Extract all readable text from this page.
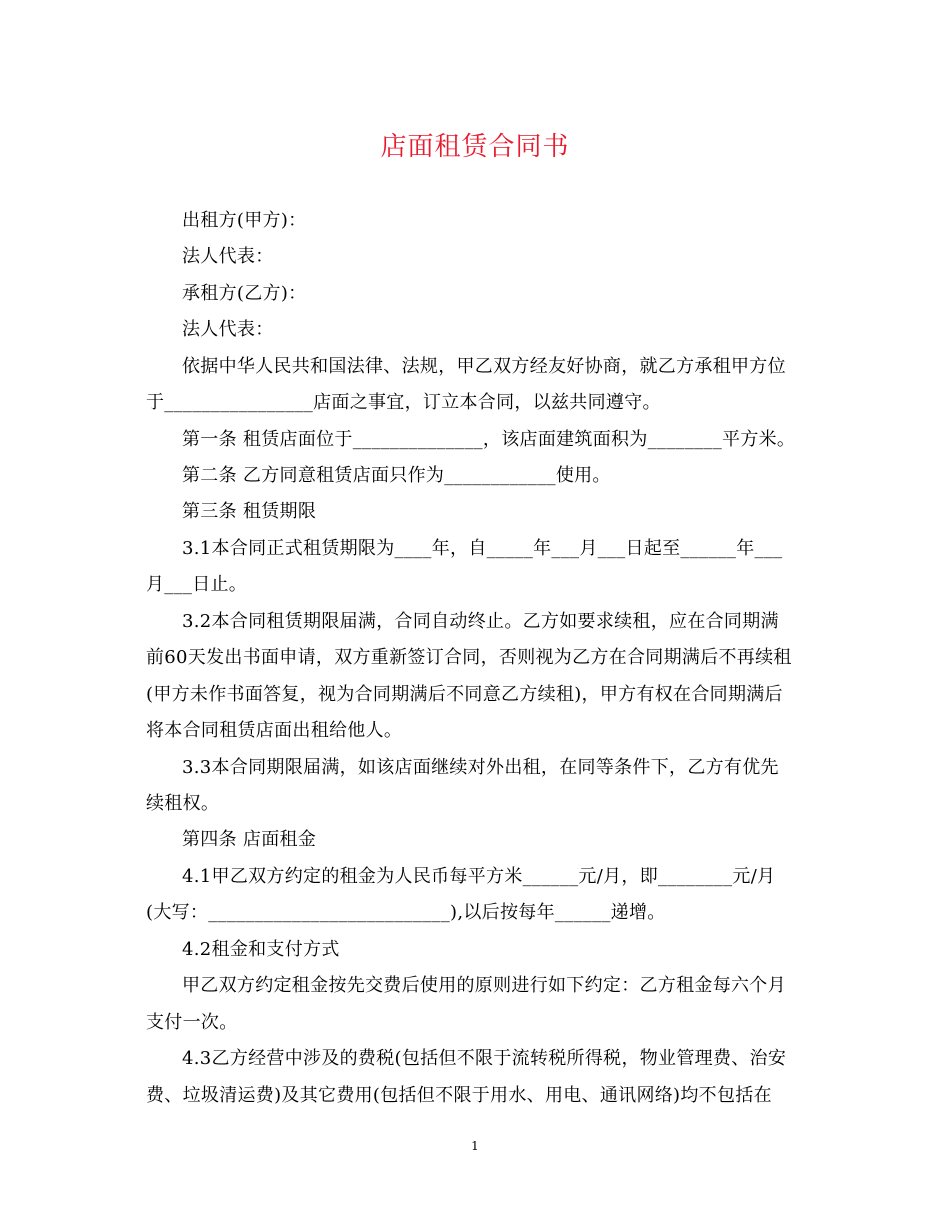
店面租赁合同书
出租方(甲方)：
法人代表：
承租方(乙方)：
法人代表：
依据中华人民共和国法律、法规，甲乙双方经友好协商，就乙方承租甲方位
于________________店面之事宜，订立本合同，以兹共同遵守。
第一条 租赁店面位于______________，该店面建筑面积为________平方米。
第二条 乙方同意租赁店面只作为____________使用。
第三条 租赁期限
3.1本合同正式租赁期限为____年，自_____年___月___日起至______年___
月___日止。
3.2本合同租赁期限届满，合同自动终止。乙方如要求续租，应在合同期满
前60天发出书面申请，双方重新签订合同，否则视为乙方在合同期满后不再续租
(甲方未作书面答复，视为合同期满后不同意乙方续租)，甲方有权在合同期满后
将本合同租赁店面出租给他人。
3.3本合同期限届满，如该店面继续对外出租，在同等条件下，乙方有优先
续租权。
第四条 店面租金
4.1甲乙双方约定的租金为人民币每平方米______元/月，即________元/月
(大写：__________________________),以后按每年______递增。
4.2租金和支付方式
甲乙双方约定租金按先交费后使用的原则进行如下约定：乙方租金每六个月
支付一次。
4.3乙方经营中涉及的费税(包括但不限于流转税所得税，物业管理费、治安
费、垃圾清运费)及其它费用(包括但不限于用水、用电、通讯网络)均不包括在
1
